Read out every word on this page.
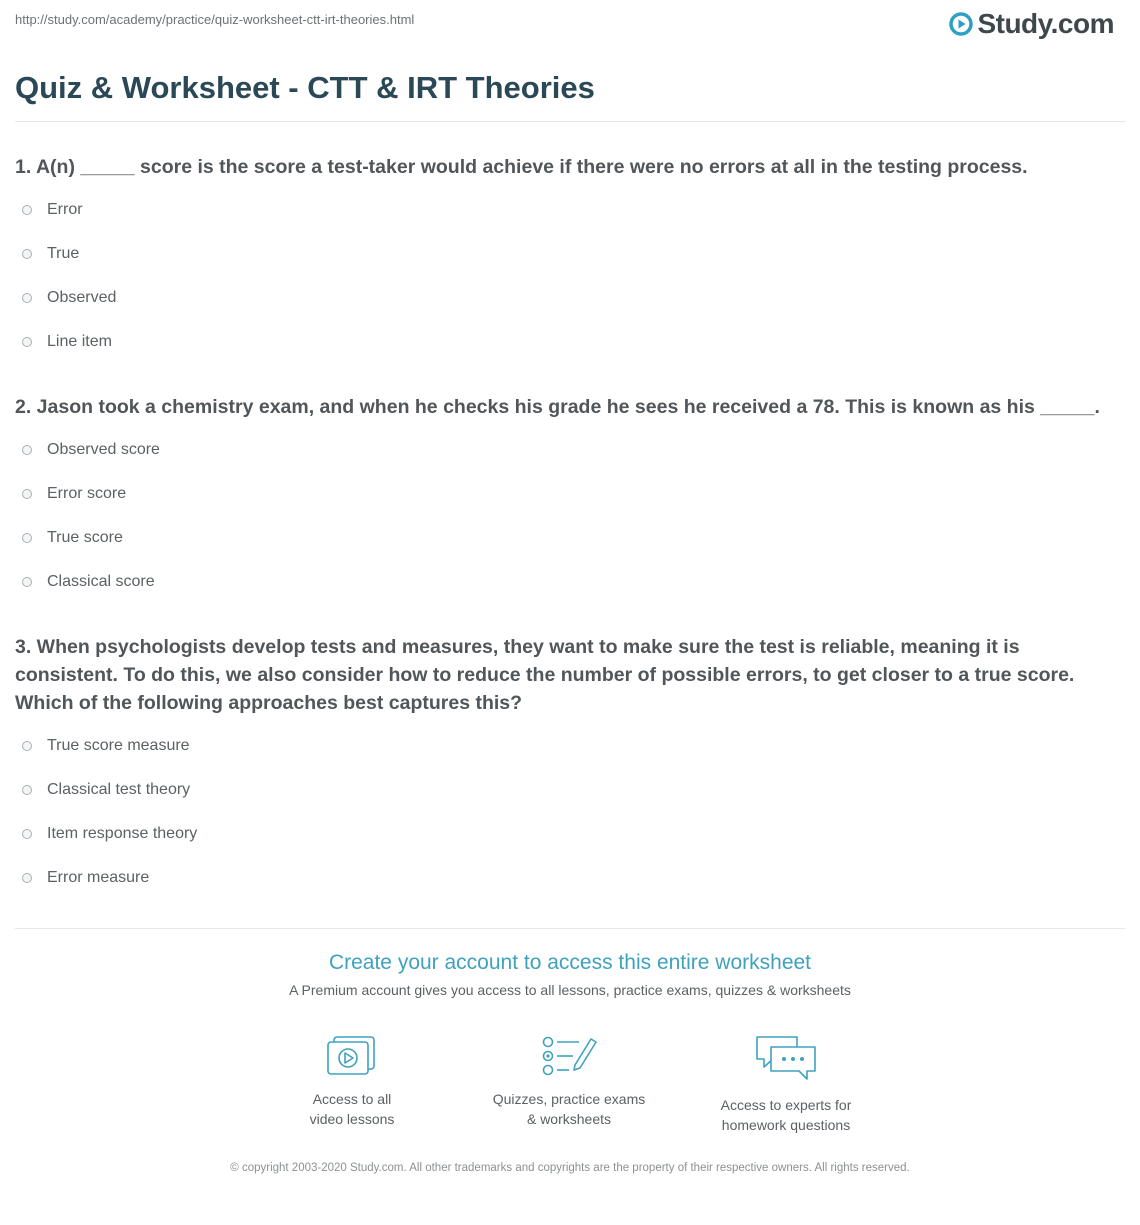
http://study.com/academy/practice/quiz-worksheet-ctt-irt-theories.html	Study.com
Quiz & Worksheet - CTT & IRT Theories

1. A(n) _____ score is the score a test-taker would achieve if there were no errors at all in the testing process.

Error
True
Observed
Line item

2. Jason took a chemistry exam, and when he checks his grade he sees he received a 78. This is known as his _____.

Observed score
Error score
True score
Classical score

3. When psychologists develop tests and measures, they want to make sure the test is reliable, meaning it is consistent. To do this, we also consider how to reduce the number of possible errors, to get closer to a true score. Which of the following approaches best captures this?

True score measure
Classical test theory
Item response theory
Error measure
Create your account to access this entire worksheet
A Premium account gives you access to all lessons, practice exams, quizzes & worksheets
Access to all
video lessons
Quizzes, practice exams
& worksheets
Access to experts for
homework questions
© copyright 2003-2020 Study.com. All other trademarks and copyrights are the property of their respective owners. All rights reserved.
